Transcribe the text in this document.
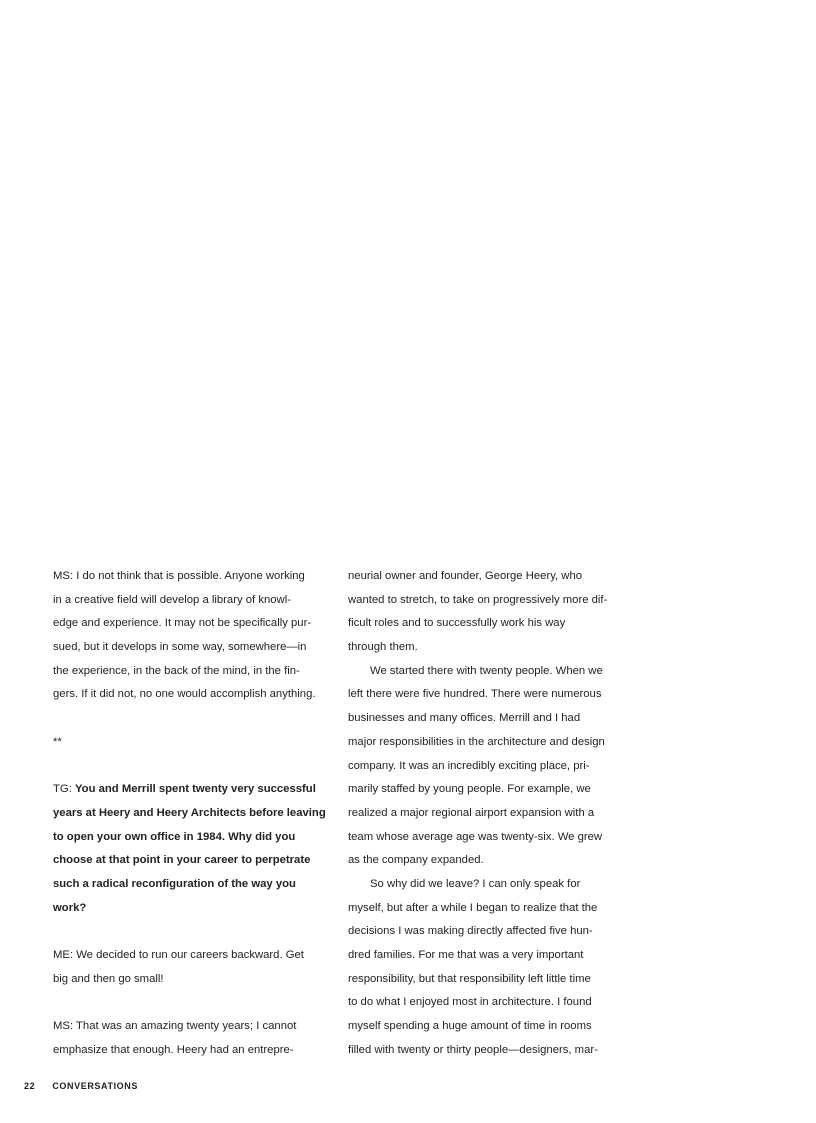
MS: I do not think that is possible. Anyone working
in a creative field will develop a library of knowl-
edge and experience. It may not be specifically pur-
sued, but it develops in some way, somewhere—in
the experience, in the back of the mind, in the fin-
gers. If it did not, no one would accomplish anything.
**
TG: You and Merrill spent twenty very successful
years at Heery and Heery Architects before leaving
to open your own office in 1984. Why did you
choose at that point in your career to perpetrate
such a radical reconfiguration of the way you
work?
ME: We decided to run our careers backward. Get
big and then go small!
MS: That was an amazing twenty years; I cannot
emphasize that enough. Heery had an entrepre-
neurial owner and founder, George Heery, who
wanted to stretch, to take on progressively more dif-
ficult roles and to successfully work his way
through them.
We started there with twenty people. When we
left there were five hundred. There were numerous
businesses and many offices. Merrill and I had
major responsibilities in the architecture and design
company. It was an incredibly exciting place, pri-
marily staffed by young people. For example, we
realized a major regional airport expansion with a
team whose average age was twenty-six. We grew
as the company expanded.
So why did we leave? I can only speak for
myself, but after a while I began to realize that the
decisions I was making directly affected five hun-
dred families. For me that was a very important
responsibility, but that responsibility left little time
to do what I enjoyed most in architecture. I found
myself spending a huge amount of time in rooms
filled with twenty or thirty people—designers, mar-
22 CONVERSATIONS
